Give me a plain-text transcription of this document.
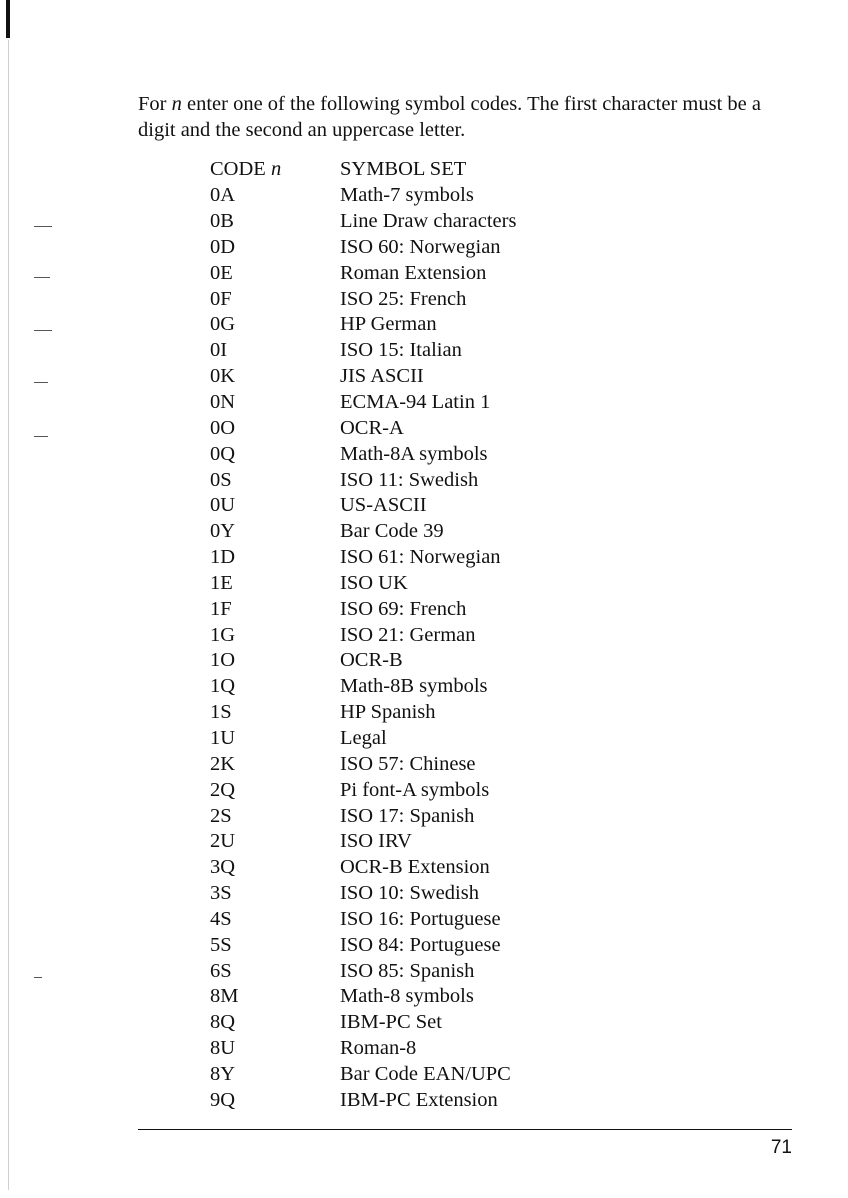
For n enter one of the following symbol codes. The first character must be a digit and the second an uppercase letter.

CODE n	SYMBOL SET
0A	Math-7 symbols
0B	Line Draw characters
0D	ISO 60: Norwegian
0E	Roman Extension
0F	ISO 25: French
0G	HP German
0I	ISO 15: Italian
0K	JIS ASCII
0N	ECMA-94 Latin 1
0O	OCR-A
0Q	Math-8A symbols
0S	ISO 11: Swedish
0U	US-ASCII
0Y	Bar Code 39
1D	ISO 61: Norwegian
1E	ISO UK
1F	ISO 69: French
1G	ISO 21: German
1O	OCR-B
1Q	Math-8B symbols
1S	HP Spanish
1U	Legal
2K	ISO 57: Chinese
2Q	Pi font-A symbols
2S	ISO 17: Spanish
2U	ISO IRV
3Q	OCR-B Extension
3S	ISO 10: Swedish
4S	ISO 16: Portuguese
5S	ISO 84: Portuguese
6S	ISO 85: Spanish
8M	Math-8 symbols
8Q	IBM-PC Set
8U	Roman-8
8Y	Bar Code EAN/UPC
9Q	IBM-PC Extension
71
